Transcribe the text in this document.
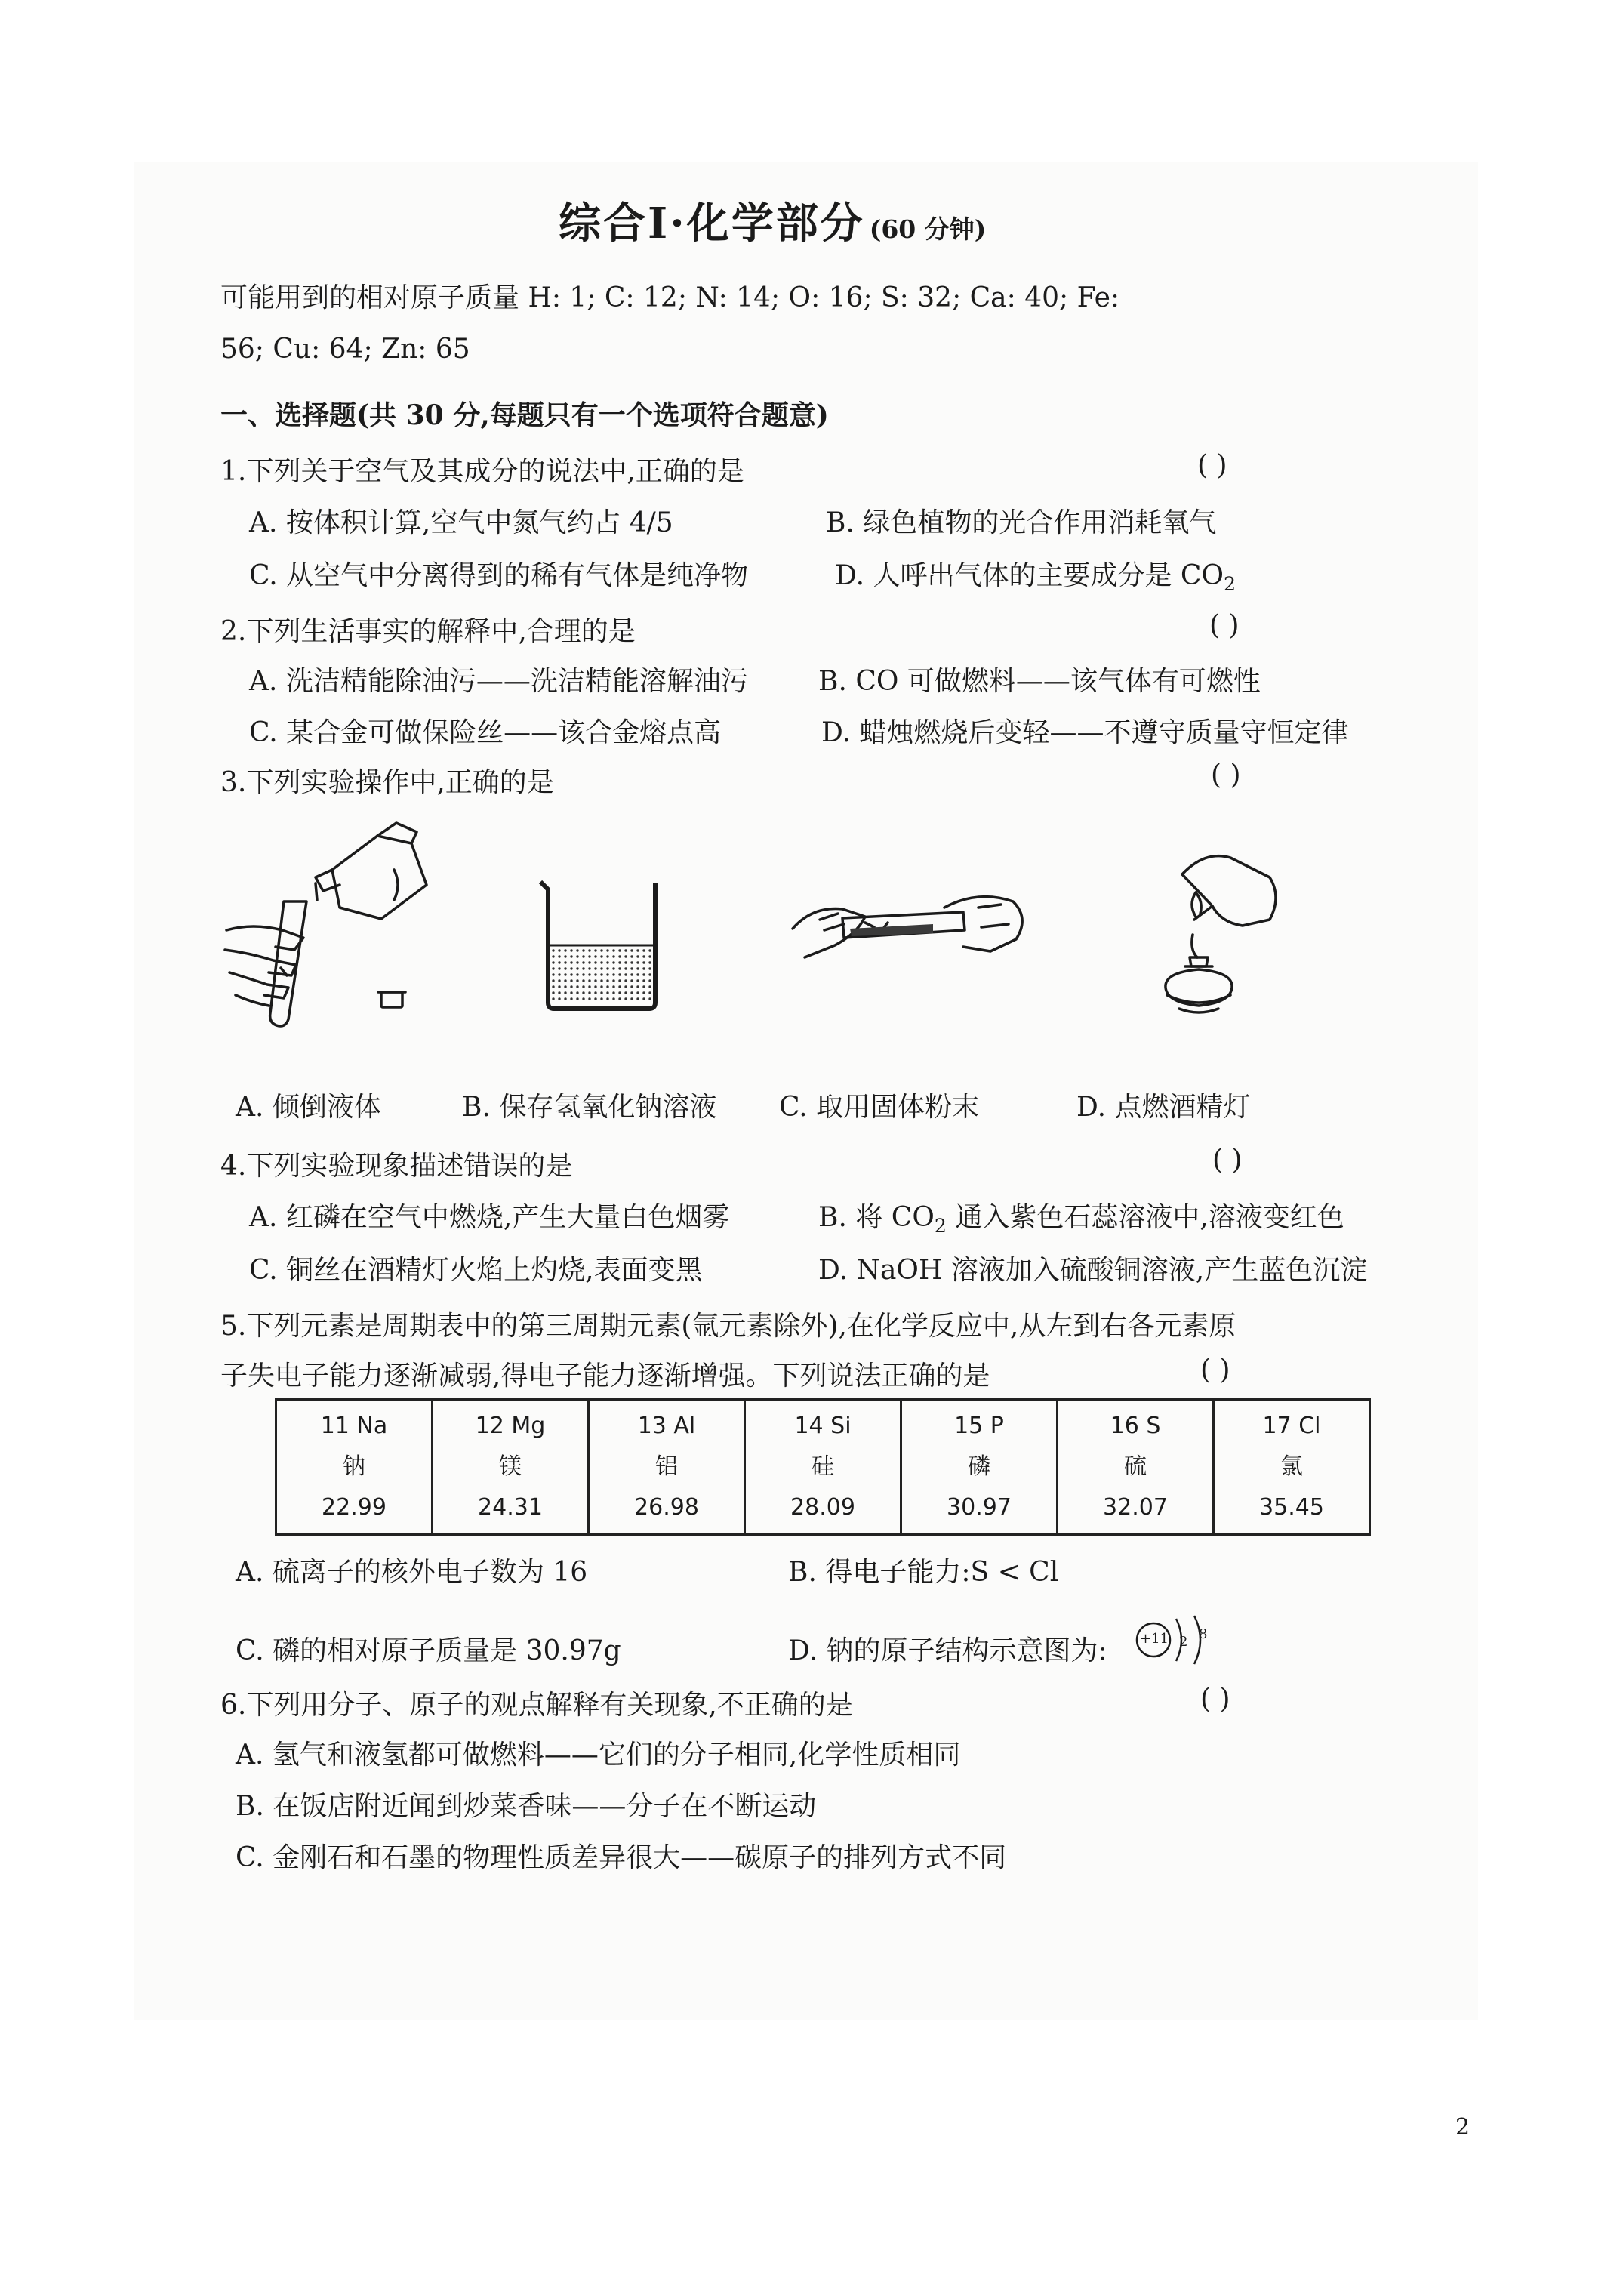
综合Ⅰ·化学部分 (60 分钟)
可能用到的相对原子质量 H: 1; C: 12; N: 14; O: 16; S: 32; Ca: 40; Fe:
56; Cu: 64; Zn: 65
一、选择题(共 30 分,每题只有一个选项符合题意)
1.下列关于空气及其成分的说法中,正确的是	( )
A. 按体积计算,空气中氮气约占 4/5	B. 绿色植物的光合作用消耗氧气
C. 从空气中分离得到的稀有气体是纯净物	D. 人呼出气体的主要成分是 $CO_2$
2.下列生活事实的解释中,合理的是	( )
A. 洗洁精能除油污——洗洁精能溶解油污	B. CO 可做燃料——该气体有可燃性
C. 某合金可做保险丝——该合金熔点高	D. 蜡烛燃烧后变轻——不遵守质量守恒定律
3.下列实验操作中,正确的是	( )
A. 倾倒液体	B. 保存氢氧化钠溶液 C. 取用固体粉末	D. 点燃酒精灯
4.下列实验现象描述错误的是	( )
A. 红磷在空气中燃烧,产生大量白色烟雾	B. 将 $CO_2$ 通入紫色石蕊溶液中,溶液变红色
C. 铜丝在酒精灯火焰上灼烧,表面变黑	D. NaOH 溶液加入硫酸铜溶液,产生蓝色沉淀
5.下列元素是周期表中的第三周期元素(氩元素除外),在化学反应中,从左到右各元素原
子失电子能力逐渐减弱,得电子能力逐渐增强。下列说法正确的是	( )
11 Na
钠
22.99

12 Mg
镁
24.31

13 Al
铝
26.98

14 Si
硅
28.09

15 P
磷
30.97

16 S
硫
32.07

17 Cl
氯
35.45
A. 硫离子的核外电子数为 16	B. 得电子能力:S < Cl
C. 磷的相对原子质量是 30.97g	D. 钠的原子结构示意图为: +11 2 8
6.下列用分子、原子的观点解释有关现象,不正确的是	( )
A. 氢气和液氢都可做燃料——它们的分子相同,化学性质相同
B. 在饭店附近闻到炒菜香味——分子在不断运动
C. 金刚石和石墨的物理性质差异很大——碳原子的排列方式不同
2
